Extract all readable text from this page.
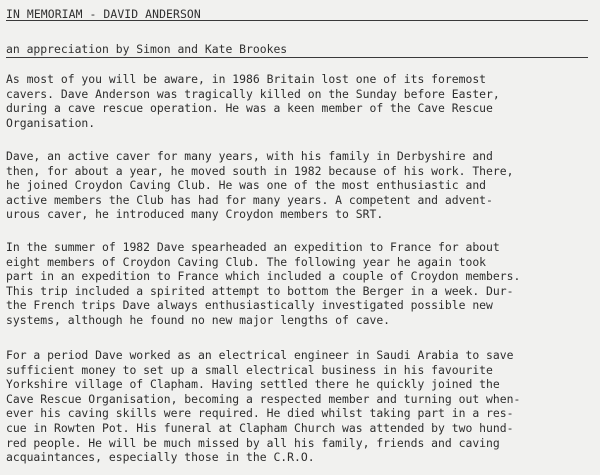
IN MEMORIAM - DAVID ANDERSON

an appreciation by Simon and Kate Brookes

As most of you will be aware, in 1986 Britain lost one of its foremost
cavers. Dave Anderson was tragically killed on the Sunday before Easter,
during a cave rescue operation. He was a keen member of the Cave Rescue
Organisation.

Dave, an active caver for many years, with his family in Derbyshire and
then, for about a year, he moved south in 1982 because of his work. There,
he joined Croydon Caving Club. He was one of the most enthusiastic and
active members the Club has had for many years. A competent and advent-
urous caver, he introduced many Croydon members to SRT.

In the summer of 1982 Dave spearheaded an expedition to France for about
eight members of Croydon Caving Club. The following year he again took
part in an expedition to France which included a couple of Croydon members.
This trip included a spirited attempt to bottom the Berger in a week. Dur-
the French trips Dave always enthusiastically investigated possible new
systems, although he found no new major lengths of cave.

For a period Dave worked as an electrical engineer in Saudi Arabia to save
sufficient money to set up a small electrical business in his favourite
Yorkshire village of Clapham. Having settled there he quickly joined the
Cave Rescue Organisation, becoming a respected member and turning out when-
ever his caving skills were required. He died whilst taking part in a res-
cue in Rowten Pot. His funeral at Clapham Church was attended by two hund-
red people. He will be much missed by all his family, friends and caving
acquaintances, especially those in the C.R.O.
